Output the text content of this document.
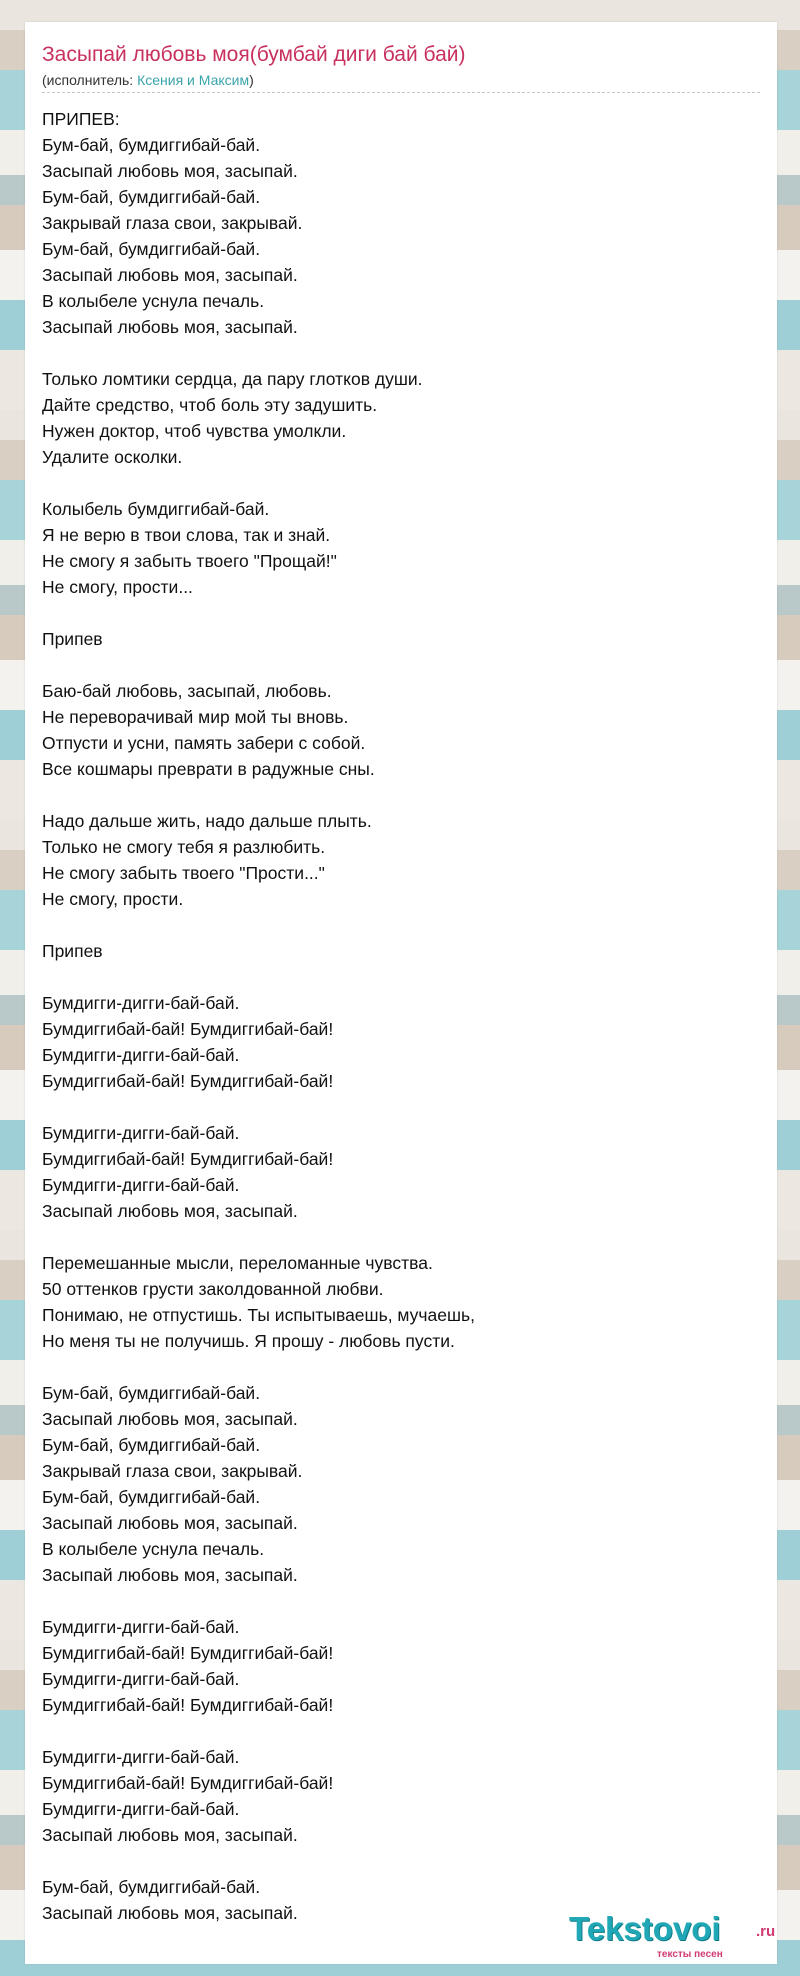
Засыпай любовь моя(бумбай диги бай бай)
(исполнитель: Ксения и Максим)
ПРИПЕВ:
Бум-бай, бумдиггибай-бай.
Засыпай любовь моя, засыпай.
Бум-бай, бумдиггибай-бай.
Закрывай глаза свои, закрывай.
Бум-бай, бумдиггибай-бай.
Засыпай любовь моя, засыпай.
В колыбеле уснула печаль.
Засыпай любовь моя, засыпай.

Только ломтики сердца, да пару глотков души.
Дайте средство, чтоб боль эту задушить.
Нужен доктор, чтоб чувства умолкли.
Удалите осколки.

Колыбель бумдиггибай-бай.
Я не верю в твои слова, так и знай.
Не смогу я забыть твоего "Прощай!"
Не смогу, прости...

Припев

Баю-бай любовь, засыпай, любовь.
Не переворачивай мир мой ты вновь.
Отпусти и усни, память забери с собой.
Все кошмары преврати в радужные сны.

Надо дальше жить, надо дальше плыть.
Только не смогу тебя я разлюбить.
Не смогу забыть твоего "Прости..."
Не смогу, прости.

Припев

Бумдигги-дигги-бай-бай.
Бумдиггибай-бай! Бумдиггибай-бай!
Бумдигги-дигги-бай-бай.
Бумдиггибай-бай! Бумдиггибай-бай!

Бумдигги-дигги-бай-бай.
Бумдиггибай-бай! Бумдиггибай-бай!
Бумдигги-дигги-бай-бай.
Засыпай любовь моя, засыпай.

Перемешанные мысли, переломанные чувства.
50 оттенков грусти заколдованной любви.
Понимаю, не отпустишь. Ты испытываешь, мучаешь,
Но меня ты не получишь. Я прошу - любовь пусти.

Бум-бай, бумдиггибай-бай.
Засыпай любовь моя, засыпай.
Бум-бай, бумдиггибай-бай.
Закрывай глаза свои, закрывай.
Бум-бай, бумдиггибай-бай.
Засыпай любовь моя, засыпай.
В колыбеле уснула печаль.
Засыпай любовь моя, засыпай.

Бумдигги-дигги-бай-бай.
Бумдиггибай-бай! Бумдиггибай-бай!
Бумдигги-дигги-бай-бай.
Бумдиггибай-бай! Бумдиггибай-бай!

Бумдигги-дигги-бай-бай.
Бумдиггибай-бай! Бумдиггибай-бай!
Бумдигги-дигги-бай-бай.
Засыпай любовь моя, засыпай.

Бум-бай, бумдиггибай-бай.
Засыпай любовь моя, засыпай.	Tekstovoi .ru
тексты песен
